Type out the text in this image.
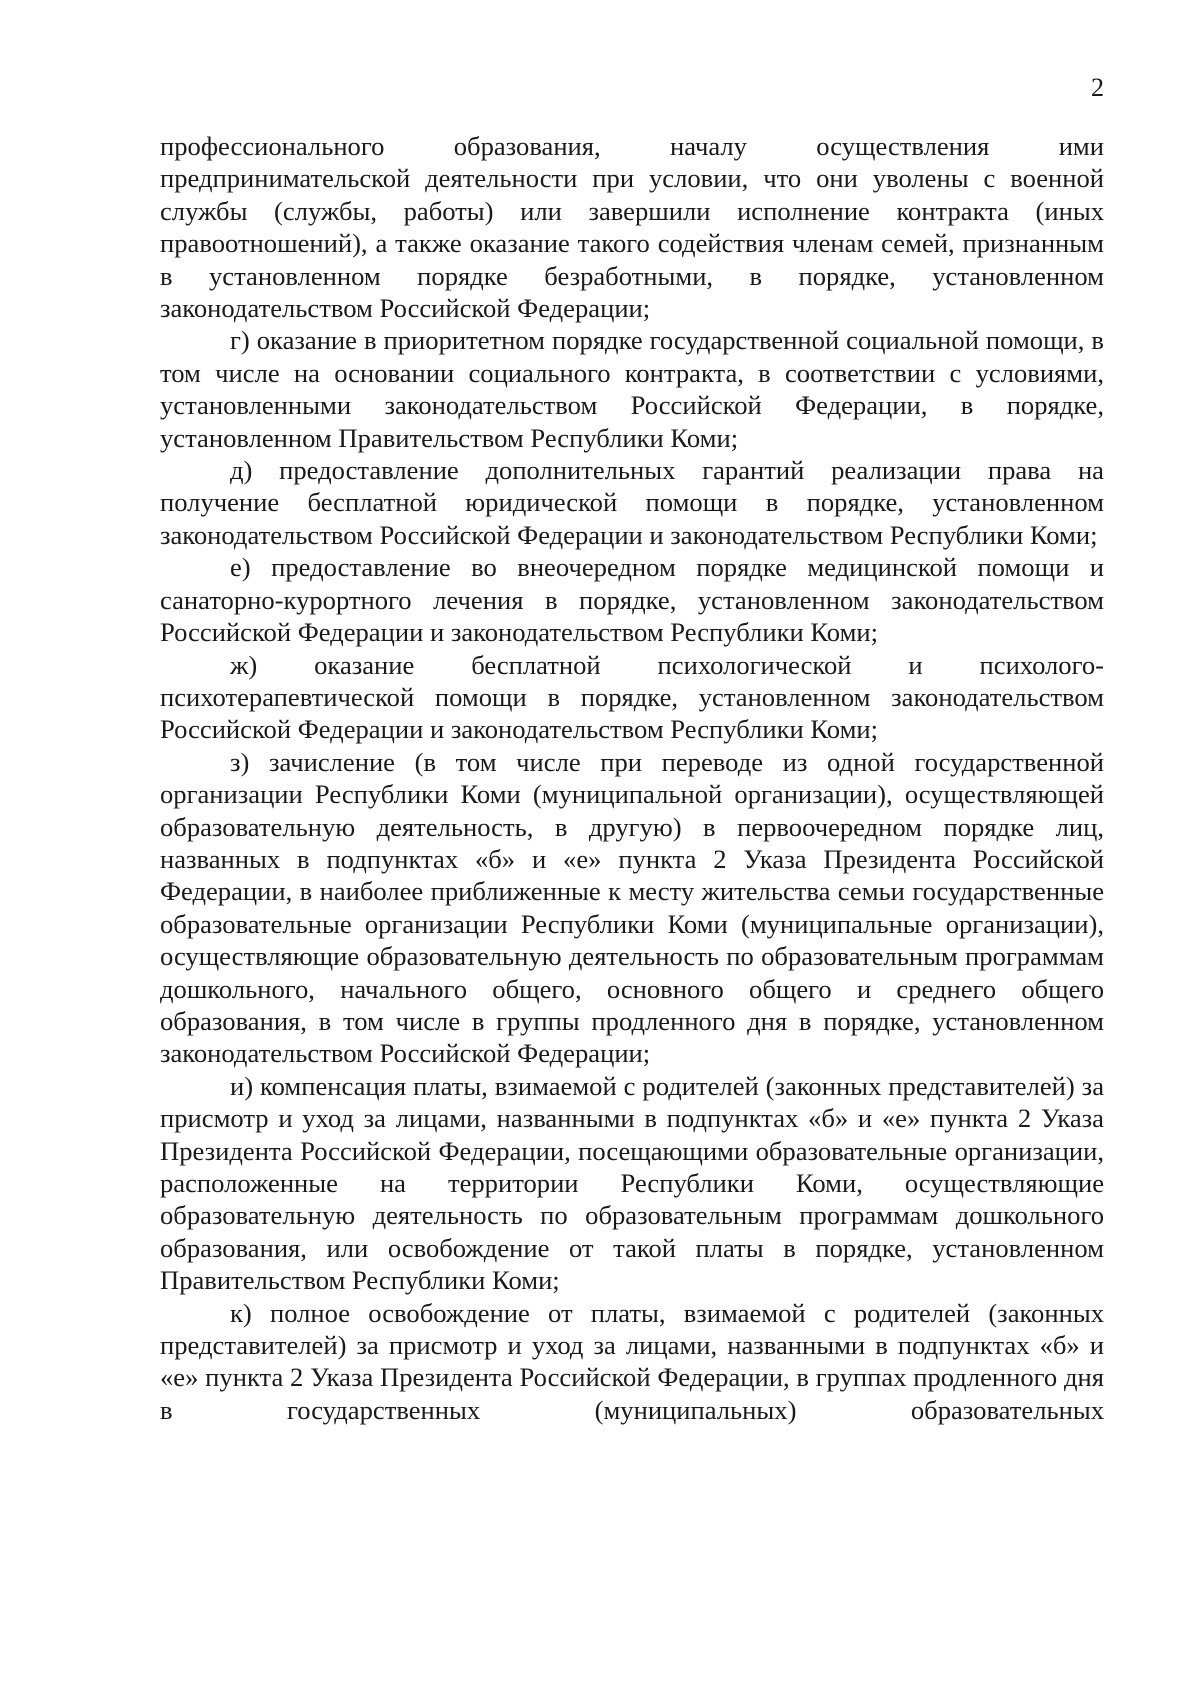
2

профессионального образования, началу осуществления ими предпринимательской деятельности при условии, что они уволены с военной службы (службы, работы) или завершили исполнение контракта (иных правоотношений), а также оказание такого содействия членам семей, признанным в установленном порядке безработными, в порядке, установленном законодательством Российской Федерации;

г) оказание в приоритетном порядке государственной социальной помощи, в том числе на основании социального контракта, в соответствии с условиями, установленными законодательством Российской Федерации, в порядке, установленном Правительством Республики Коми;

д) предоставление дополнительных гарантий реализации права на получение бесплатной юридической помощи в порядке, установленном законодательством Российской Федерации и законодательством Республики Коми;

е) предоставление во внеочередном порядке медицинской помощи и санаторно-курортного лечения в порядке, установленном законодательством Российской Федерации и законодательством Республики Коми;

ж) оказание бесплатной психологической и психолого-психотерапевтической помощи в порядке, установленном законодательством Российской Федерации и законодательством Республики Коми;

з) зачисление (в том числе при переводе из одной государственной организации Республики Коми (муниципальной организации), осуществляющей образовательную деятельность, в другую) в первоочередном порядке лиц, названных в подпунктах «б» и «е» пункта 2 Указа Президента Российской Федерации, в наиболее приближенные к месту жительства семьи государственные образовательные организации Республики Коми (муниципальные организации), осуществляющие образовательную деятельность по образовательным программам дошкольного, начального общего, основного общего и среднего общего образования, в том числе в группы продленного дня в порядке, установленном законодательством Российской Федерации;

и) компенсация платы, взимаемой с родителей (законных представителей) за присмотр и уход за лицами, названными в подпунктах «б» и «е» пункта 2 Указа Президента Российской Федерации, посещающими образовательные организации, расположенные на территории Республики Коми, осуществляющие образовательную деятельность по образовательным программам дошкольного образования, или освобождение от такой платы в порядке, установленном Правительством Республики Коми;

к) полное освобождение от платы, взимаемой с родителей (законных представителей) за присмотр и уход за лицами, названными в подпунктах «б» и «е» пункта 2 Указа Президента Российской Федерации, в группах продленного дня в государственных (муниципальных) образовательных
